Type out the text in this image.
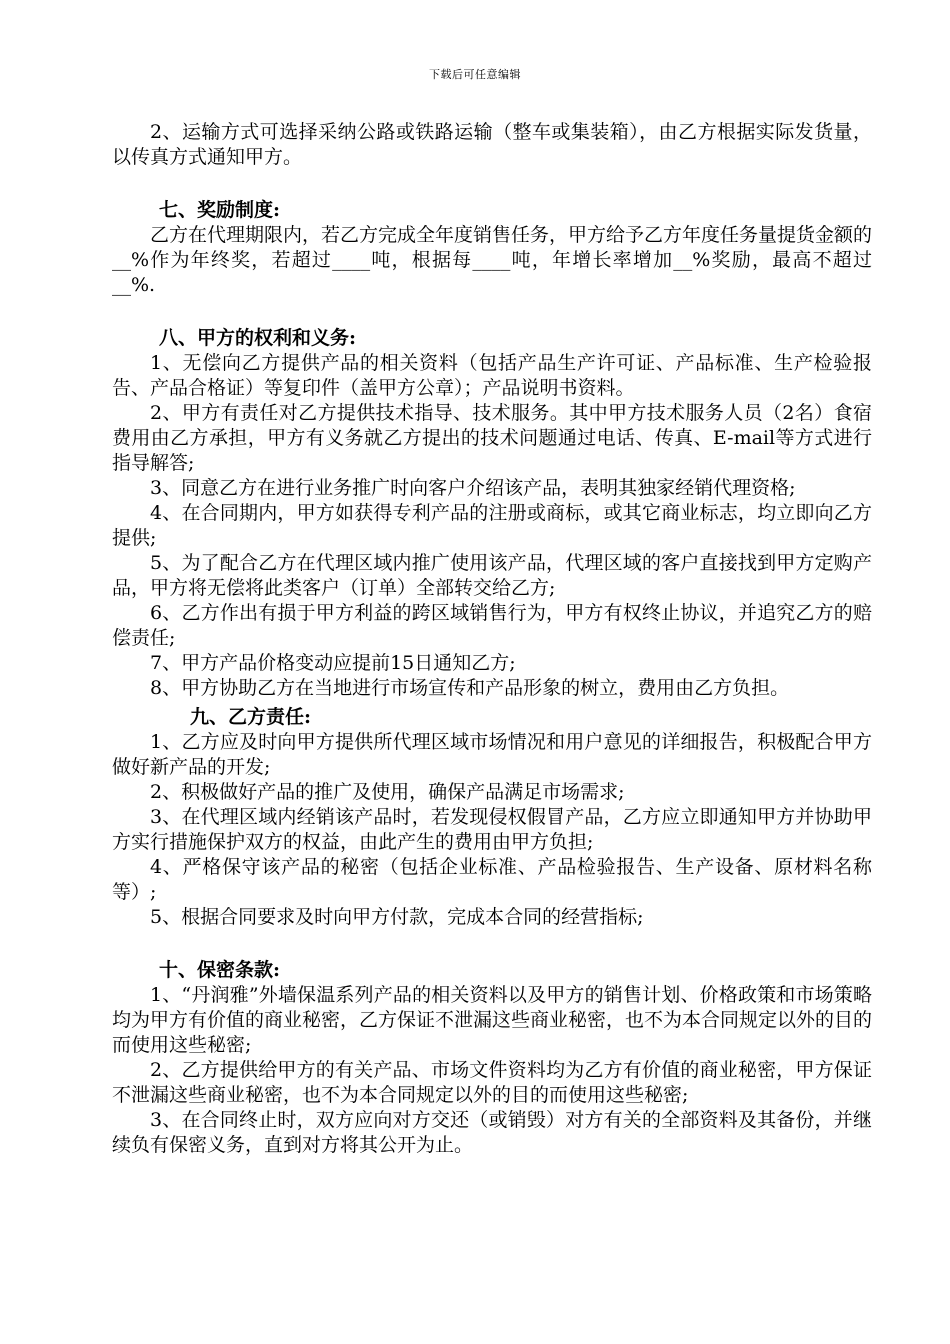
下载后可任意编辑

2、运输方式可选择采纳公路或铁路运输（整车或集装箱），由乙方根据实际发货量，以传真方式通知甲方。

七、奖励制度:

乙方在代理期限内，若乙方完成全年度销售任务，甲方给予乙方年度任务量提货金额的__%作为年终奖，若超过____吨，根据每____吨，年增长率增加__%奖励，最高不超过 __%.

八、甲方的权利和义务:

1、无偿向乙方提供产品的相关资料（包括产品生产许可证、产品标准、生产检验报告、产品合格证）等复印件（盖甲方公章）；产品说明书资料。

2、甲方有责任对乙方提供技术指导、技术服务。其中甲方技术服务人员（2名）食宿费用由乙方承担，甲方有义务就乙方提出的技术问题通过电话、传真、E-mail等方式进行指导解答;

3、同意乙方在进行业务推广时向客户介绍该产品，表明其独家经销代理资格;

4、在合同期内，甲方如获得专利产品的注册或商标，或其它商业标志，均立即向乙方提供;

5、为了配合乙方在代理区域内推广使用该产品，代理区域的客户直接找到甲方定购产品，甲方将无偿将此类客户（订单）全部转交给乙方;

6、乙方作出有损于甲方利益的跨区域销售行为，甲方有权终止协议，并追究乙方的赔偿责任;

7、甲方产品价格变动应提前15日通知乙方;

8、甲方协助乙方在当地进行市场宣传和产品形象的树立，费用由乙方负担。

九、乙方责任:

1、乙方应及时向甲方提供所代理区域市场情况和用户意见的详细报告，积极配合甲方做好新产品的开发;

2、积极做好产品的推广及使用，确保产品满足市场需求;

3、在代理区域内经销该产品时，若发现侵权假冒产品，乙方应立即通知甲方并协助甲方实行措施保护双方的权益，由此产生的费用由甲方负担;

4、严格保守该产品的秘密（包括企业标准、产品检验报告、生产设备、原材料名称等）;

5、根据合同要求及时向甲方付款，完成本合同的经营指标;

十、保密条款:

1、“丹润雅”外墙保温系列产品的相关资料以及甲方的销售计划、价格政策和市场策略均为甲方有价值的商业秘密，乙方保证不泄漏这些商业秘密，也不为本合同规定以外的目的而使用这些秘密;

2、乙方提供给甲方的有关产品、市场文件资料均为乙方有价值的商业秘密，甲方保证不泄漏这些商业秘密，也不为本合同规定以外的目的而使用这些秘密;

3、在合同终止时，双方应向对方交还（或销毁）对方有关的全部资料及其备份，并继续负有保密义务，直到对方将其公开为止。
